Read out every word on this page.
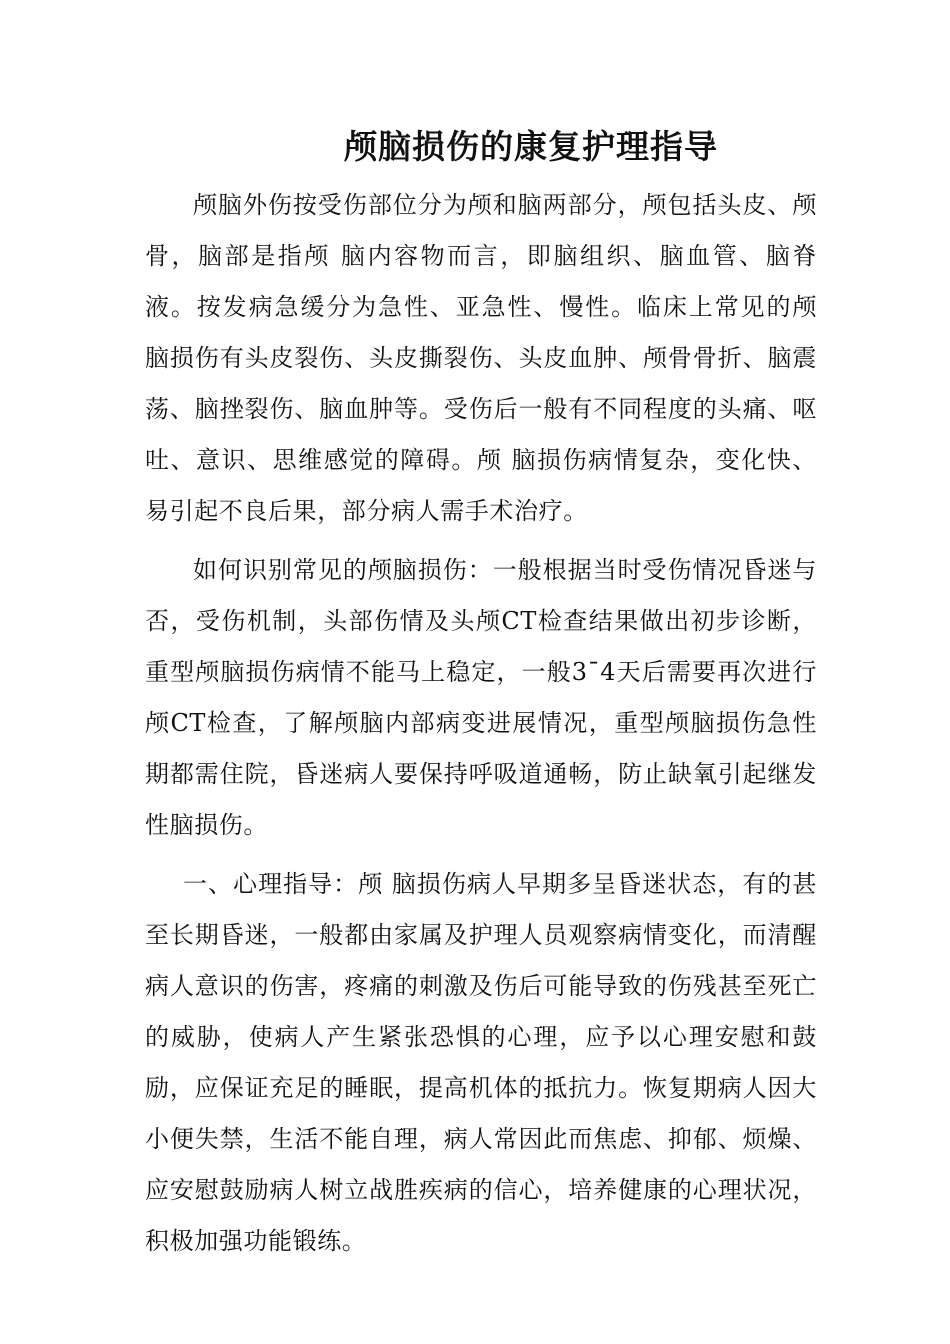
颅脑损伤的康复护理指导

颅脑外伤按受伤部位分为颅和脑两部分，颅包括头皮、颅骨，脑部是指颅 脑内容物而言，即脑组织、脑血管、脑脊液。按发病急缓分为急性、亚急性、慢性。临床上常见的颅 脑损伤有头皮裂伤、头皮撕裂伤、头皮血肿、颅骨骨折、脑震荡、脑挫裂伤、脑血肿等。受伤后一般有不同程度的头痛、呕吐、意识、思维感觉的障碍。颅 脑损伤病情复杂，变化快、易引起不良后果，部分病人需手术治疗。

如何识别常见的颅脑损伤：一般根据当时受伤情况昏迷与否，受伤机制，头部伤情及头颅CT检查结果做出初步诊断，重型颅脑损伤病情不能马上稳定，一般3¯4天后需要再次进行颅CT检查，了解颅脑内部病变进展情况，重型颅脑损伤急性期都需住院，昏迷病人要保持呼吸道通畅，防止缺氧引起继发性脑损伤。

一、心理指导：颅 脑损伤病人早期多呈昏迷状态，有的甚至长期昏迷，一般都由家属及护理人员观察病情变化，而清醒病人意识的伤害，疼痛的刺激及伤后可能导致的伤残甚至死亡的威胁，使病人产生紧张恐惧的心理，应予以心理安慰和鼓励，应保证充足的睡眠，提高机体的抵抗力。恢复期病人因大小便失禁，生活不能自理，病人常因此而焦虑、抑郁、烦燥、应安慰鼓励病人树立战胜疾病的信心，培养健康的心理状况，积极加强功能锻练。
